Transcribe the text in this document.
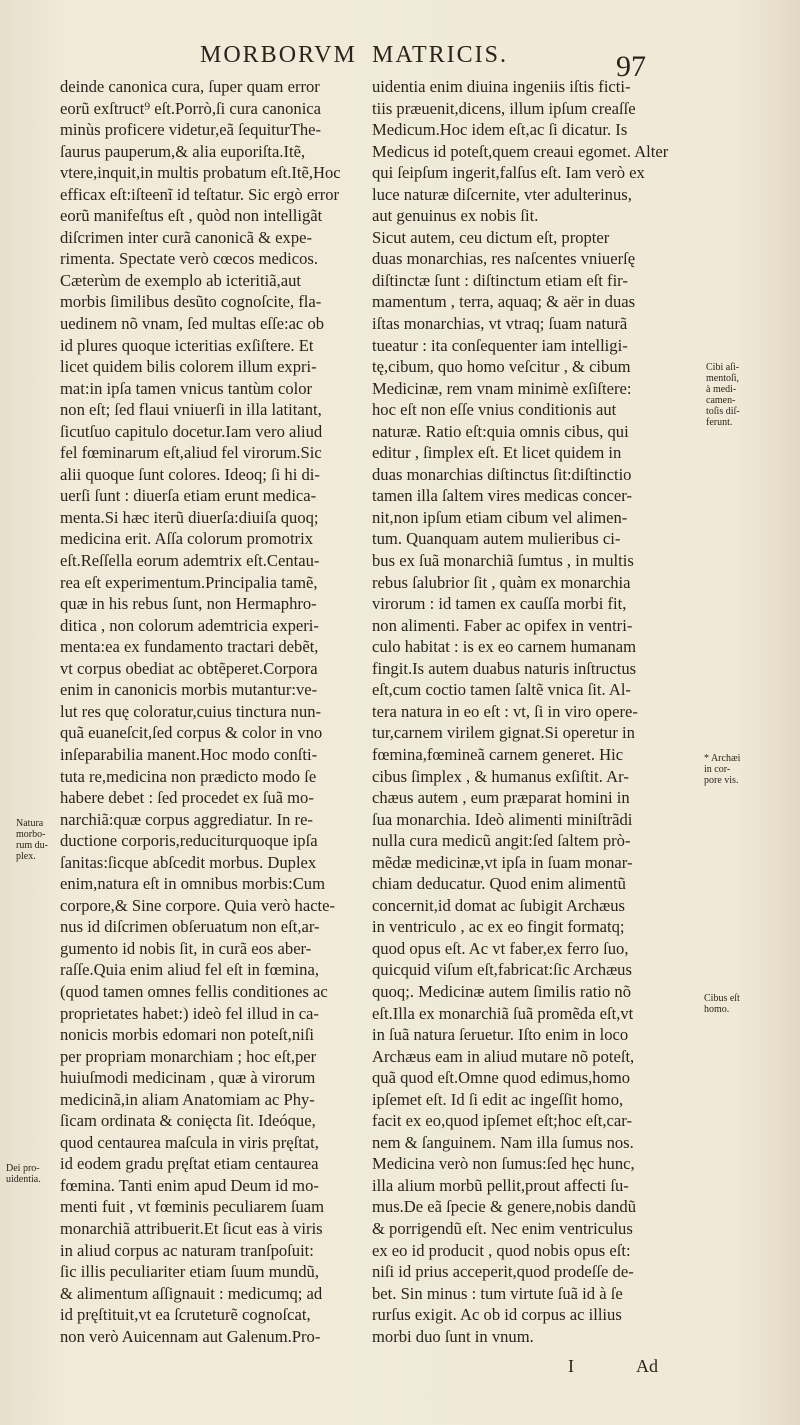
MORBORVM MATRICIS.	97
deinde canonica cura, ſuper quam error
eorũ exſtruct⁹ eſt.Porrò,ſi cura canonica
minùs proficere videtur,eã ſequiturThe-
ſaurus pauperum,& alia euporiſta.Itẽ,
vtere,inquit,in multis probatum eſt.Itẽ,Hoc
efficax eſt:iſteenĩ id teſtatur. Sic ergò error
eorũ manifeſtus eſt , quòd non intelligãt
diſcrimen inter curã canonicã & expe-
rimenta. Spectate verò cœcos medicos.
Cæterùm de exemplo ab icteritiã,aut
morbis ſimilibus desũto cognoſcite, fla-
uedinem nõ vnam, ſed multas eſſe:ac ob
id plures quoque icteritias exſiſtere. Et
licet quidem bilis colorem illum expri-
mat:in ipſa tamen vnicus tantùm color
non eſt; ſed flaui vniuerſi in illa latitant,
ſicutſuo capitulo docetur.Iam vero aliud
fel fœminarum eſt,aliud fel virorum.Sic
alii quoque ſunt colores. Ideoq; ſi hi di-
uerſi ſunt : diuerſa etiam erunt medica-
menta.Si hæc iterũ diuerſa:diuiſa quoq;
medicina erit. Aſſa colorum promotrix
eſt.Reſſella eorum ademtrix eſt.Centau-
rea eſt experimentum.Principalia tamẽ,
quæ in his rebus ſunt, non Hermaphro-
ditica , non colorum ademtricia experi-
menta:ea ex fundamento tractari debẽt,
vt corpus obediat ac obtẽperet.Corpora
enim in canonicis morbis mutantur:ve-
lut res quę coloratur,cuius tinctura nun-
quã euaneſcit,ſed corpus & color in vno
inſeparabilia manent.Hoc modo conſti-
tuta re,medicina non prædicto modo ſe
habere debet : ſed procedet ex ſuã mo-
narchiã:quæ corpus aggrediatur. In re-
ductione corporis,reduciturquoque ipſa
ſanitas:ſicque abſcedit morbus. Duplex
enim,natura eſt in omnibus morbis:Cum
corpore,& Sine corpore. Quia verò hacte-
nus id diſcrimen obſeruatum non eſt,ar-
gumento id nobis ſit, in curã eos aber-
raſſe.Quia enim aliud fel eſt in fœmina,
(quod tamen omnes fellis conditiones ac
proprietates habet:) ideò fel illud in ca-
nonicis morbis edomari non poteſt,niſi
per propriam monarchiam ; hoc eſt,per
huiuſmodi medicinam , quæ à virorum
medicinã,in aliam Anatomiam ac Phy-
ſicam ordinata & conięcta ſit. Ideóque,
quod centaurea maſcula in viris pręſtat,
id eodem gradu pręſtat etiam centaurea
fœmina. Tanti enim apud Deum id mo-
menti fuit , vt fœminis peculiarem ſuam
monarchiã attribuerit.Et ſicut eas à viris
in aliud corpus ac naturam tranſpoſuit:
ſic illis peculiariter etiam ſuum mundũ,
& alimentum aſſignauit : medicumq; ad
id pręſtituit,vt ea ſcruteturẽ cognoſcat,
non verò Auicennam aut Galenum.Pro-
uidentia enim diuina ingeniis iſtis ficti-
tiis præuenit,dicens, illum ipſum creaſſe
Medicum.Hoc idem eſt,ac ſi dicatur. Is
Medicus id poteſt,quem creaui egomet. Alter
qui ſeipſum ingerit,falſus eſt. Iam verò ex
luce naturæ diſcernite, vter adulterinus,
aut genuinus ex nobis ſit.
Sicut autem, ceu dictum eſt, propter
duas monarchias, res naſcentes vniuerſę
diſtinctæ ſunt : diſtinctum etiam eſt fir-
mamentum , terra, aquaq; & aër in duas
iſtas monarchias, vt vtraq; ſuam naturã
tueatur : ita conſequenter iam intelligi-
tę,cibum, quo homo veſcitur , & cibum
Medicinæ, rem vnam minimè exſiſtere:
hoc eſt non eſſe vnius conditionis aut
naturæ. Ratio eſt:quia omnis cibus, qui
editur , ſimplex eſt. Et licet quidem in
duas monarchias diſtinctus ſit:diſtinctio
tamen illa ſaltem vires medicas concer-
nit,non ipſum etiam cibum vel alimen-
tum. Quanquam autem mulieribus ci-
bus ex ſuã monarchiã ſumtus , in multis
rebus ſalubrior ſit , quàm ex monarchia
virorum : id tamen ex cauſſa morbi fit,
non alimenti. Faber ac opifex in ventri-
culo habitat : is ex eo carnem humanam
fingit.Is autem duabus naturis inſtructus
eſt,cum coctio tamen ſaltẽ vnica ſit. Al-
tera natura in eo eſt : vt, ſi in viro opere-
tur,carnem virilem gignat.Si operetur in
fœmina,fœmineã carnem generet. Hic
cibus ſimplex , & humanus exſiſtit. Ar-
chæus autem , eum præparat homini in
ſua monarchia. Ideò alimenti miniſtrãdi
nulla cura medicũ angit:ſed ſaltem prò-
mẽdæ medicinæ,vt ipſa in ſuam monar-
chiam deducatur. Quod enim alimentũ
concernit,id domat ac ſubigit Archæus
in ventriculo , ac ex eo fingit formatq;
quod opus eſt. Ac vt faber,ex ferro ſuo,
quicquid viſum eſt,fabricat:ſic Archæus
quoq;. Medicinæ autem ſimilis ratio nõ
eſt.Illa ex monarchiã ſuã promẽda eſt,vt
in ſuã natura ſeruetur. Iſto enim in loco
Archæus eam in aliud mutare nõ poteſt,
quã quod eſt.Omne quod edimus,homo
ipſemet eſt. Id ſi edit ac ingeſſit homo,
facit ex eo,quod ipſemet eſt;hoc eſt,car-
nem & ſanguinem. Nam illa ſumus nos.
Medicina verò non ſumus:ſed hęc hunc,
illa alium morbũ pellit,prout affecti ſu-
mus.De eã ſpecie & genere,nobis dandũ
& porrigendũ eſt. Nec enim ventriculus
ex eo id producit , quod nobis opus eſt:
niſi id prius acceperit,quod prodeſſe de-
bet. Sin minus : tum virtute ſuã id à ſe
rurſus exigit. Ac ob id corpus ac illius
morbi duo ſunt in vnum.
Natura
morbo-
rum du-
plex.
Dei pro-
uidentia.
Cibi aſi-
mentoſi,
à medi-
camen-
toſis diſ-
ferunt.
* Archæi
in cor-
pore vis.
Cibus eſt
homo.
I	Ad
